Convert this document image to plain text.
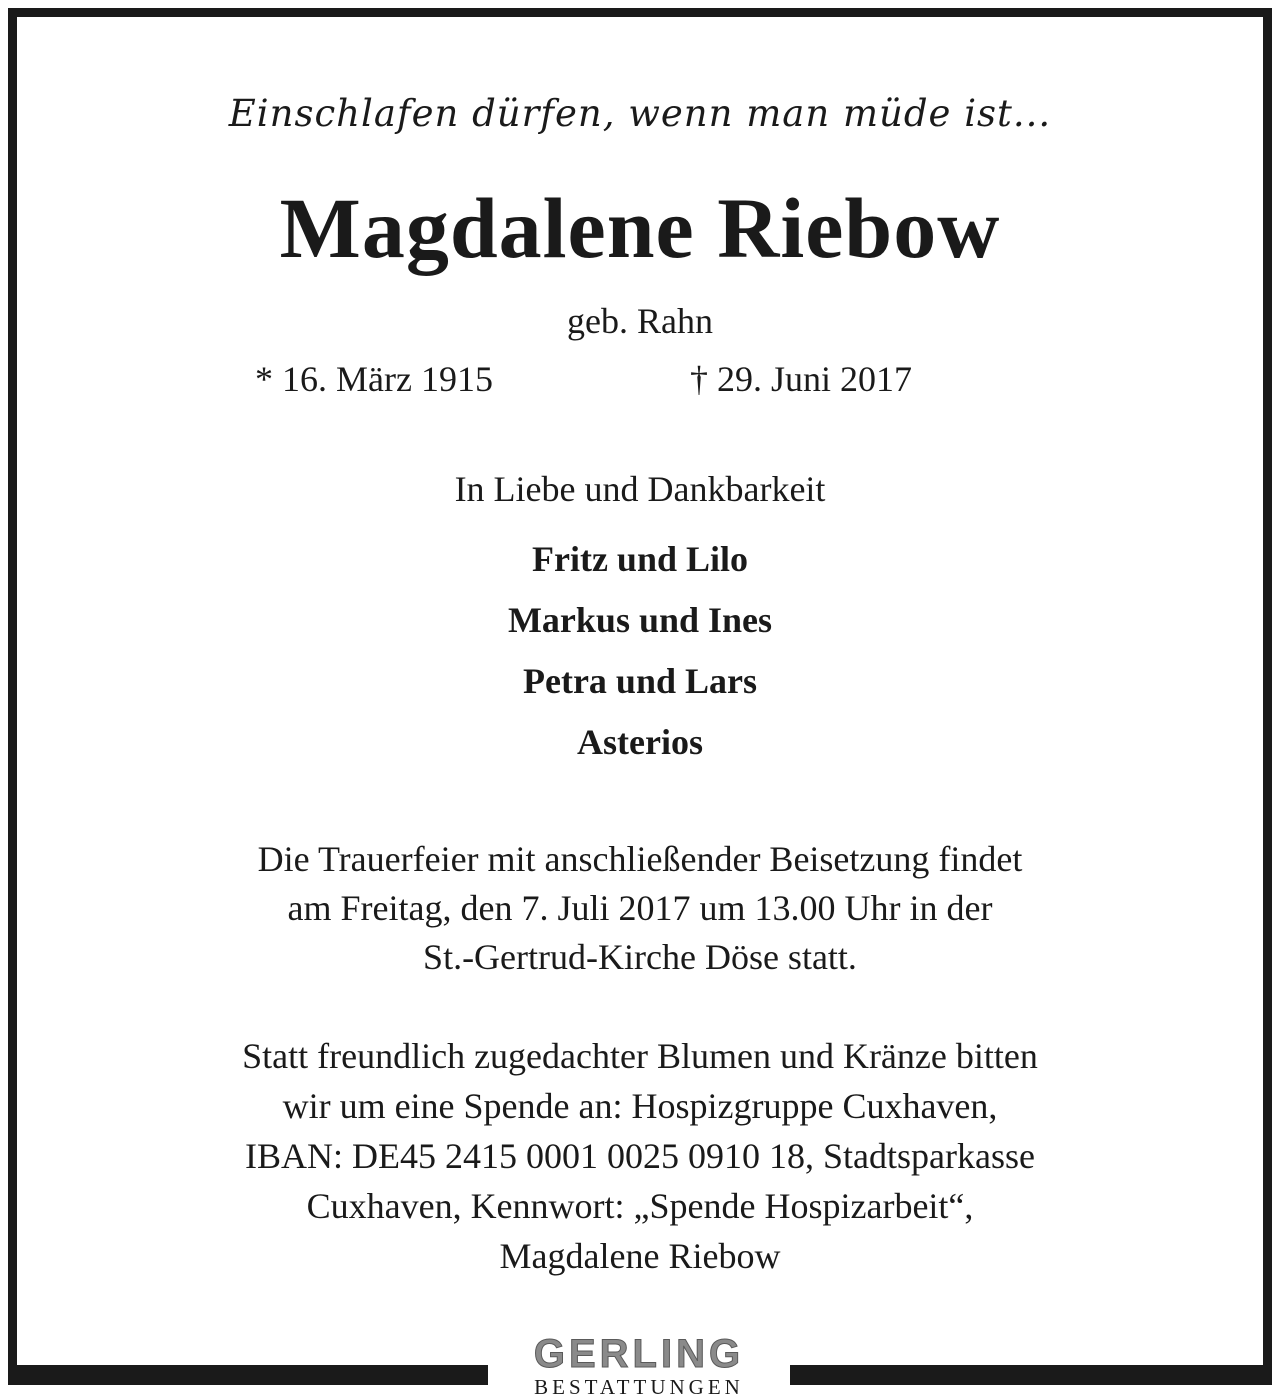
Einschlafen dürfen, wenn man müde ist...
Magdalene Riebow
geb. Rahn
* 16. März 1915	† 29. Juni 2017
In Liebe und Dankbarkeit
Fritz und Lilo
Markus und Ines
Petra und Lars
Asterios
Die Trauerfeier mit anschließender Beisetzung findet
am Freitag, den 7. Juli 2017 um 13.00 Uhr in der
St.-Gertrud-Kirche Döse statt.
Statt freundlich zugedachter Blumen und Kränze bitten
wir um eine Spende an: Hospizgruppe Cuxhaven,
IBAN: DE45 2415 0001 0025 0910 18, Stadtsparkasse
Cuxhaven, Kennwort: „Spende Hospizarbeit“,
Magdalene Riebow
GERLING
BESTATTUNGEN
